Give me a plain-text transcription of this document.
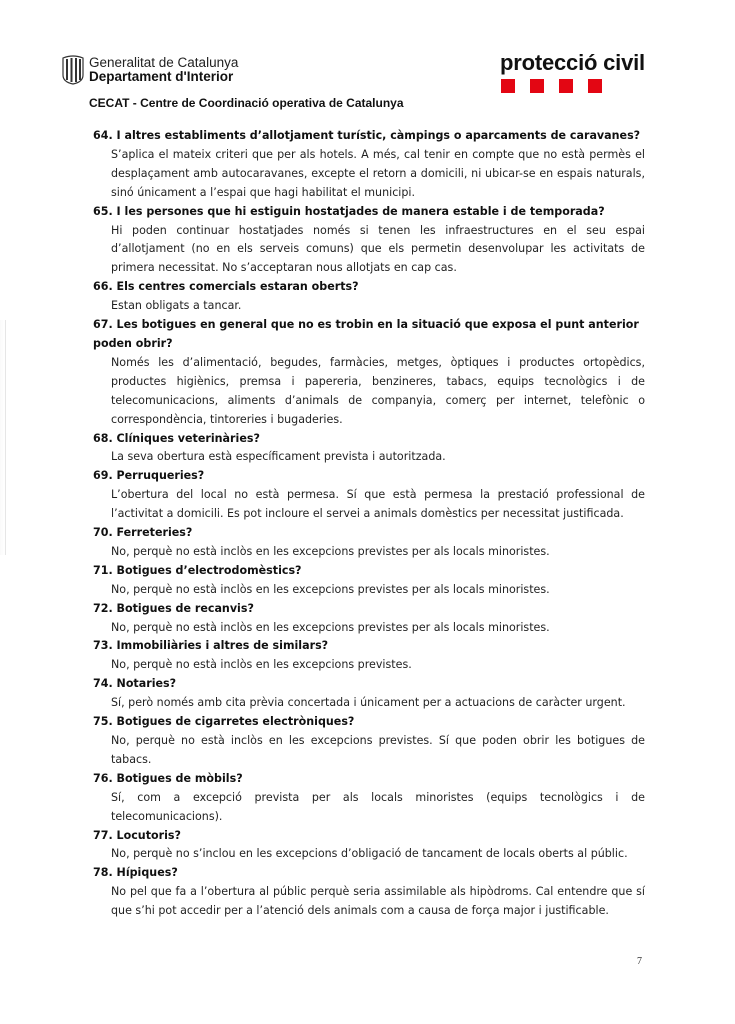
Generalitat de Catalunya
Departament d'Interior
protecció civil
CECAT - Centre de Coordinació operativa de Catalunya
64. I altres establiments d’allotjament turístic, càmpings o aparcaments de caravanes?
S’aplica el mateix criteri que per als hotels. A més, cal tenir en compte que no està permès el desplaçament amb autocaravanes, excepte el retorn a domicili, ni ubicar-se en espais naturals, sinó únicament a l’espai que hagi habilitat el municipi.
65. I les persones que hi estiguin hostatjades de manera estable i de temporada?
Hi poden continuar hostatjades només si tenen les infraestructures en el seu espai d’allotjament (no en els serveis comuns) que els permetin desenvolupar les activitats de primera necessitat. No s’acceptaran nous allotjats en cap cas.
66. Els centres comercials estaran oberts?
Estan obligats a tancar.
67. Les botigues en general que no es trobin en la situació que exposa el punt anterior poden obrir?
Només les d’alimentació, begudes, farmàcies, metges, òptiques i productes ortopèdics, productes higiènics, premsa i papereria, benzineres, tabacs, equips tecnològics i de telecomunicacions, aliments d’animals de companyia, comerç per internet, telefònic o correspondència, tintoreries i bugaderies.
68. Clíniques veterinàries?
La seva obertura està específicament prevista i autoritzada.
69. Perruqueries?
L’obertura del local no està permesa. Sí que està permesa la prestació professional de l’activitat a domicili. Es pot incloure el servei a animals domèstics per necessitat justificada.
70. Ferreteries?
No, perquè no està inclòs en les excepcions previstes per als locals minoristes.
71. Botigues d’electrodomèstics?
No, perquè no està inclòs en les excepcions previstes per als locals minoristes.
72. Botigues de recanvis?
No, perquè no està inclòs en les excepcions previstes per als locals minoristes.
73. Immobiliàries i altres de similars?
No, perquè no està inclòs en les excepcions previstes.
74. Notaries?
Sí, però només amb cita prèvia concertada i únicament per a actuacions de caràcter urgent.
75. Botigues de cigarretes electròniques?
No, perquè no està inclòs en les excepcions previstes. Sí que poden obrir les botigues de tabacs.
76. Botigues de mòbils?
Sí, com a excepció prevista per als locals minoristes (equips tecnològics i de telecomunicacions).
77. Locutoris?
No, perquè no s’inclou en les excepcions d’obligació de tancament de locals oberts al públic.
78. Hípiques?
No pel que fa a l’obertura al públic perquè seria assimilable als hipòdroms. Cal entendre que sí que s’hi pot accedir per a l’atenció dels animals com a causa de força major i justificable.
7
